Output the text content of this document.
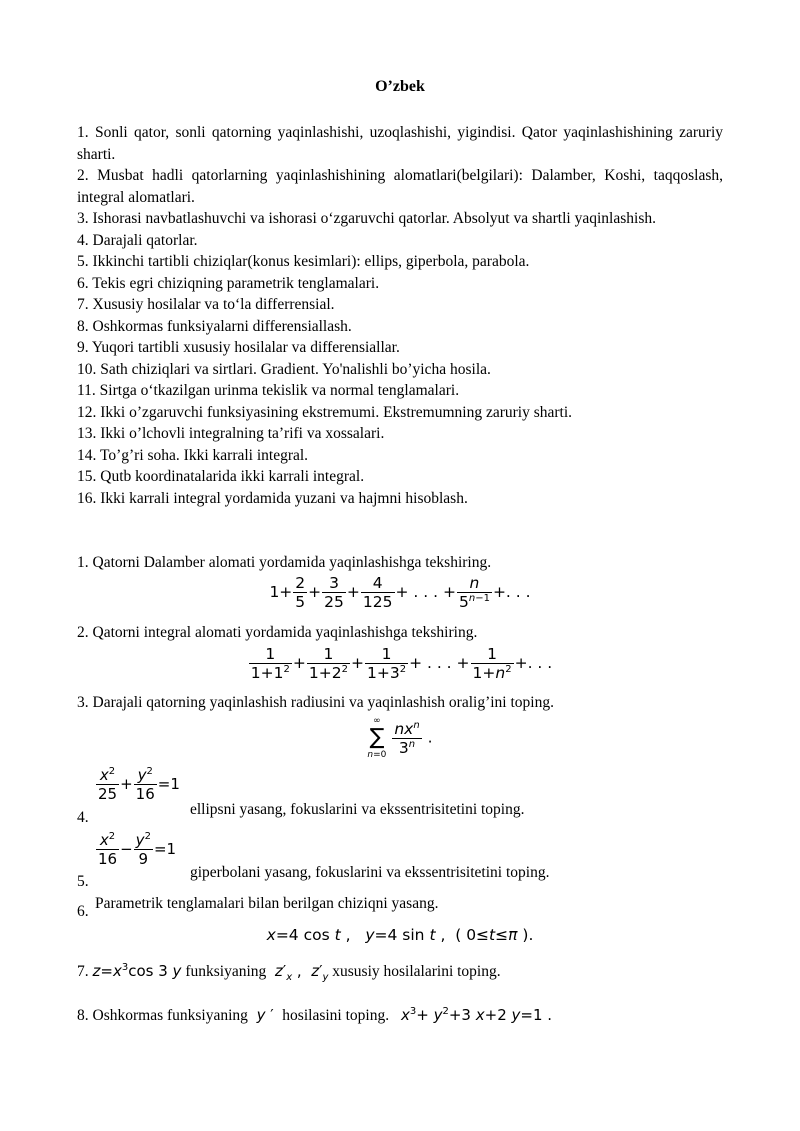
O’zbek

1. Sonli qator, sonli qatorning yaqinlashishi, uzoqlashishi, yigindisi. Qator yaqinlashishining zaruriy sharti.

2. Musbat hadli qatorlarning yaqinlashishining alomatlari(belgilari): Dalamber, Koshi, taqqoslash, integral alomatlari.

3. Ishorasi navbatlashuvchi va ishorasi o‘zgaruvchi qatorlar. Absolyut va shartli yaqinlashish.

4. Darajali qatorlar.

5. Ikkinchi tartibli chiziqlar(konus kesimlari): ellips, giperbola, parabola.

6. Tekis egri chiziqning parametrik tenglamalari.

7. Xususiy hosilalar va to‘la differrensial.

8. Oshkormas funksiyalarni differensiallash.

9. Yuqori tartibli xususiy hosilalar va differensiallar.

10. Sath chiziqlari va sirtlari. Gradient. Yo'nalishli bo’yicha hosila.

11. Sirtga o‘tkazilgan urinma tekislik va normal tenglamalari.

12. Ikki o’zgaruvchi funksiyasining ekstremumi. Ekstremumning zaruriy sharti.

13. Ikki o’lchovli integralning ta’rifi va xossalari.

14. To’g’ri soha. Ikki karrali integral.

15. Qutb koordinatalarida ikki karrali integral.

16. Ikki karrali integral yordamida yuzani va hajmni hisoblash.

1. Qatorni Dalamber alomati yordamida yaqinlashishga tekshiring.
$1+ \frac{2}{5} + \frac{3}{25} + \frac{4}{125}$ + . . . + $\frac{n}{5^{n-1}}$ +. . .
2. Qatorni integral alomati yordamida yaqinlashishga tekshiring.
$\frac{1}{1+1^2} + \frac{1}{1+2^2} + \frac{1}{1+3^2}$ + . . . + $\frac{1}{1+n^2}$ +. . .
3. Darajali qatorning yaqinlashish radiusini va yaqinlashish oralig’ini toping.
∞
∑
n=0
$\frac{nx^n}{3^n}$ .
$\frac{x^2}{25} + \frac{y^2}{16} =1$
ellipsni yasang, fokuslarini va ekssentrisitetini toping.
4.
$\frac{x^2}{16} - \frac{y^2}{9} =1$
giperbolani yasang, fokuslarini va ekssentrisitetini toping.
5.
6. Parametrik tenglamalari bilan berilgan chiziqni yasang.
x=4 cos t ,   y=4 sin t ,  ( 0≤t≤π ).
7. $z=x^3\cos$ 3 y funksiyaning $z'_x$ ,  $z'_y$ xususiy hosilalarini toping.
8. Oshkormas funksiyaning y ′  hosilasini toping. $x^3+ y^2+3$ x+2 y=1 .
